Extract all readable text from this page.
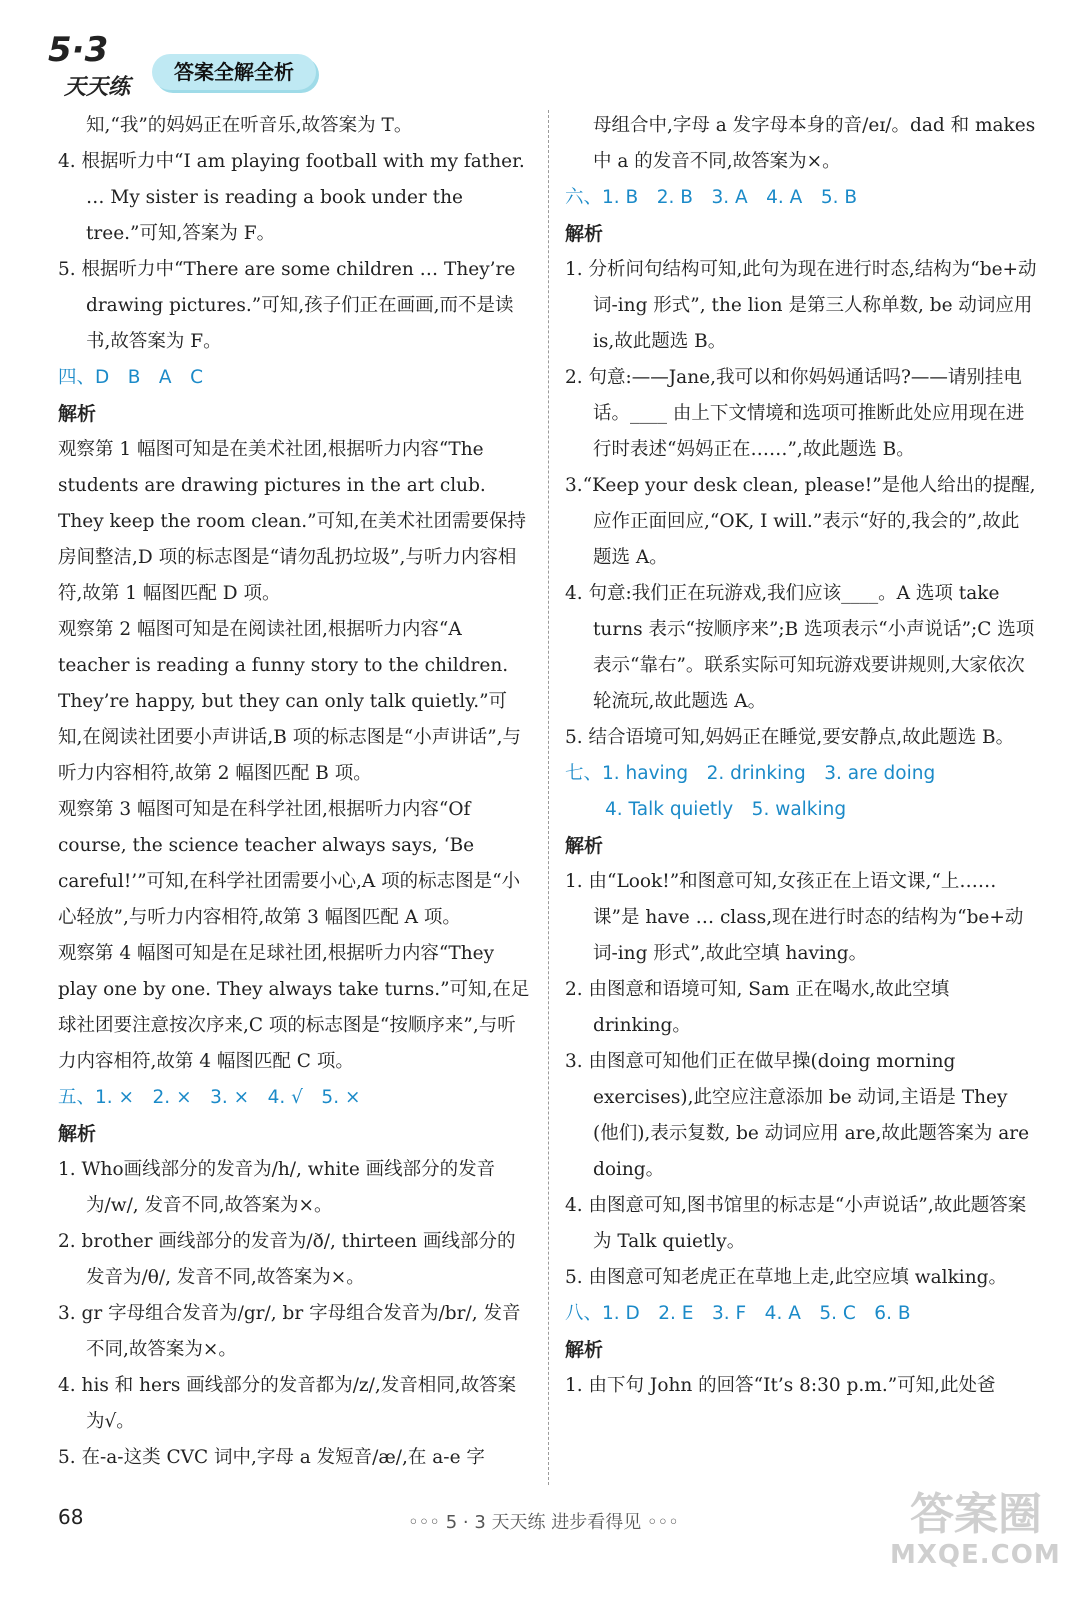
5·3
天天练
答案全解全析
知,“我”的妈妈正在听音乐,故答案为 T。
4. 根据听力中“I am playing football with my father. … My sister is reading a book under the tree.”可知,答案为 F。
5. 根据听力中“There are some children … They’re drawing pictures.”可知,孩子们正在画画,而不是读书,故答案为 F。
四、D　B　A　C
解析
观察第 1 幅图可知是在美术社团,根据听力内容“The students are drawing pictures in the art club. They keep the room clean.”可知,在美术社团需要保持房间整洁,D 项的标志图是“请勿乱扔垃圾”,与听力内容相符,故第 1 幅图匹配 D 项。
观察第 2 幅图可知是在阅读社团,根据听力内容“A teacher is reading a funny story to the children. They’re happy, but they can only talk quietly.”可知,在阅读社团要小声讲话,B 项的标志图是“小声讲话”,与听力内容相符,故第 2 幅图匹配 B 项。
观察第 3 幅图可知是在科学社团,根据听力内容“Of course, the science teacher always says, ‘Be careful!’”可知,在科学社团需要小心,A 项的标志图是“小心轻放”,与听力内容相符,故第 3 幅图匹配 A 项。
观察第 4 幅图可知是在足球社团,根据听力内容“They play one by one. They always take turns.”可知,在足球社团要注意按次序来,C 项的标志图是“按顺序来”,与听力内容相符,故第 4 幅图匹配 C 项。
五、1. ×　2. ×　3. ×　4. √　5. ×
解析
1. Who画线部分的发音为/h/, white 画线部分的发音为/w/, 发音不同,故答案为×。
2. brother 画线部分的发音为/ð/, thirteen 画线部分的发音为/θ/, 发音不同,故答案为×。
3. gr 字母组合发音为/gr/, br 字母组合发音为/br/, 发音不同,故答案为×。
4. his 和 hers 画线部分的发音都为/z/,发音相同,故答案为√。
5. 在-a-这类 CVC 词中,字母 a 发短音/æ/,在 a-e 字
母组合中,字母 a 发字母本身的音/eɪ/。dad 和 makes 中 a 的发音不同,故答案为×。
六、1. B　2. B　3. A　4. A　5. B
解析
1. 分析问句结构可知,此句为现在进行时态,结构为“be+动词-ing 形式”, the lion 是第三人称单数, be 动词应用 is,故此题选 B。
2. 句意:——Jane,我可以和你妈妈通话吗?——请别挂电话。____ 由上下文情境和选项可推断此处应用现在进行时表述“妈妈正在……”,故此题选 B。
3.“Keep your desk clean, please!”是他人给出的提醒,应作正面回应,“OK, I will.”表示“好的,我会的”,故此题选 A。
4. 句意:我们正在玩游戏,我们应该____。A 选项 take turns 表示“按顺序来”;B 选项表示“小声说话”;C 选项表示“靠右”。联系实际可知玩游戏要讲规则,大家依次轮流玩,故此题选 A。
5. 结合语境可知,妈妈正在睡觉,要安静点,故此题选 B。
七、1. having　2. drinking　3. are doing
4. Talk quietly　5. walking
解析
1. 由“Look!”和图意可知,女孩正在上语文课,“上……课”是 have … class,现在进行时态的结构为“be+动词-ing 形式”,故此空填 having。
2. 由图意和语境可知, Sam 正在喝水,故此空填 drinking。
3. 由图意可知他们正在做早操(doing morning exercises),此空应注意添加 be 动词,主语是 They (他们),表示复数, be 动词应用 are,故此题答案为 are doing。
4. 由图意可知,图书馆里的标志是“小声说话”,故此题答案为 Talk quietly。
5. 由图意可知老虎正在草地上走,此空应填 walking。
八、1. D　2. E　3. F　4. A　5. C　6. B
解析
1. 由下句 John 的回答“It’s 8:30 p.m.”可知,此处爸
68	◦◦◦ 5 · 3 天天练 进步看得见 ◦◦◦	答案圈
MXQE.COM
